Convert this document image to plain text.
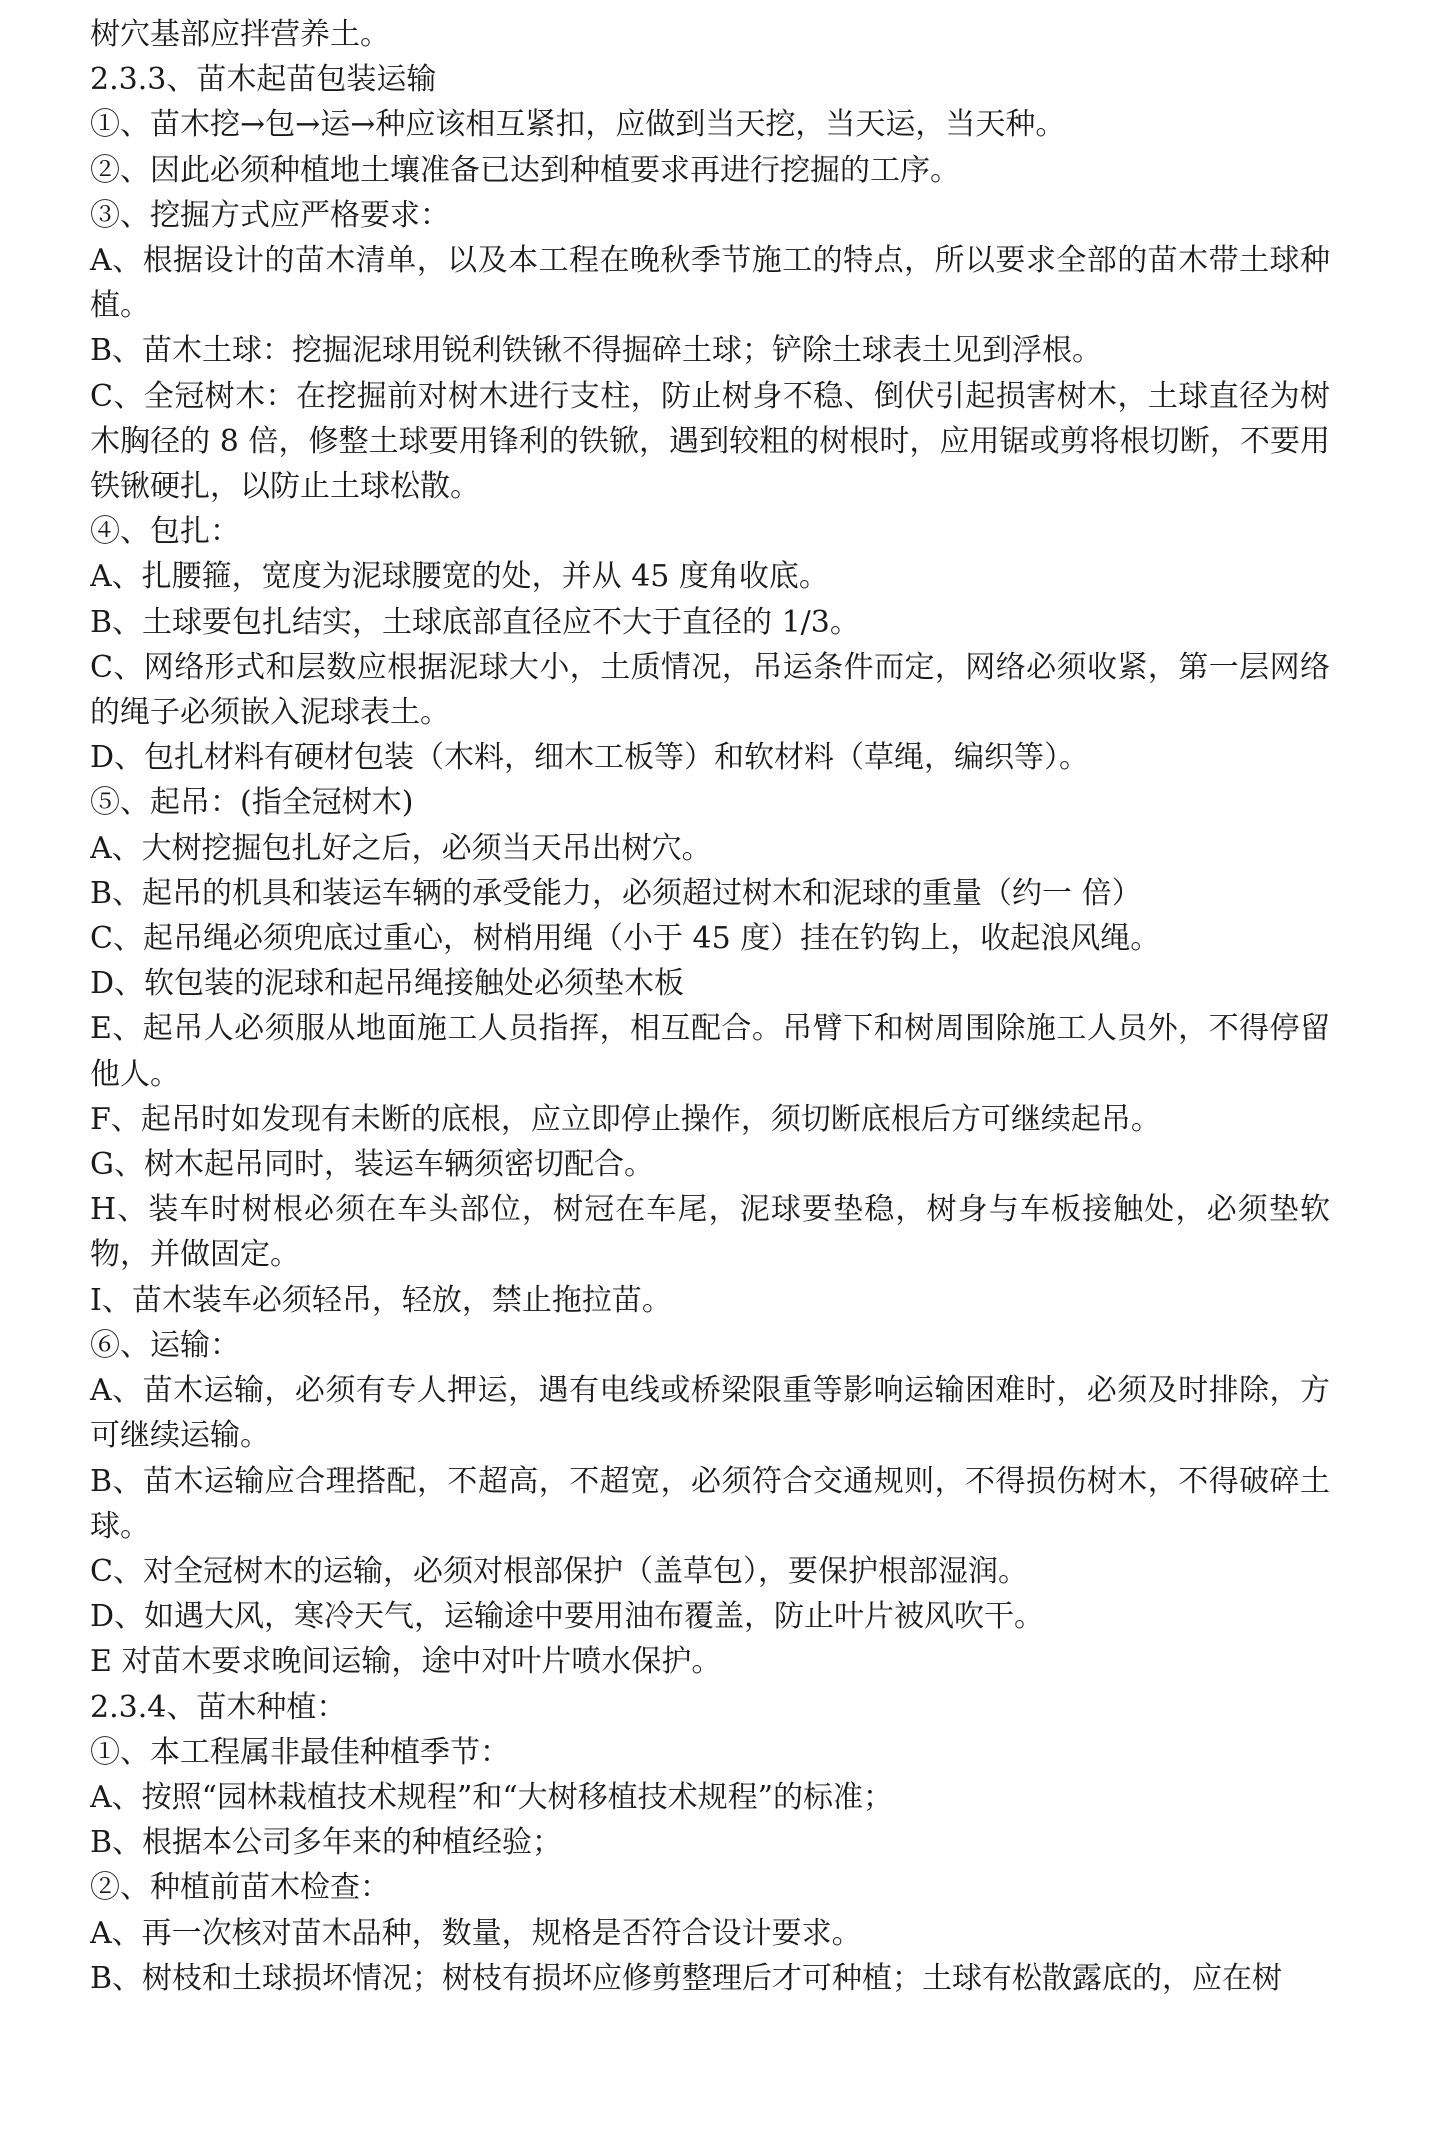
树穴基部应拌营养土。

2.3.3、苗木起苗包装运输

①、苗木挖→包→运→种应该相互紧扣，应做到当天挖，当天运，当天种。

②、因此必须种植地土壤准备已达到种植要求再进行挖掘的工序。

③、挖掘方式应严格要求：

A、根据设计的苗木清单，以及本工程在晚秋季节施工的特点，所以要求全部的苗木带土球种植。

B、苗木土球：挖掘泥球用锐利铁锹不得掘碎土球；铲除土球表土见到浮根。

C、全冠树木：在挖掘前对树木进行支柱，防止树身不稳、倒伏引起损害树木，土球直径为树木胸径的 8 倍，修整土球要用锋利的铁锨，遇到较粗的树根时，应用锯或剪将根切断，不要用铁锹硬扎，以防止土球松散。

④、包扎：

A、扎腰箍，宽度为泥球腰宽的处，并从 45 度角收底。

B、土球要包扎结实，土球底部直径应不大于直径的 1/3。

C、网络形式和层数应根据泥球大小，土质情况，吊运条件而定，网络必须收紧，第一层网络的绳子必须嵌入泥球表土。

D、包扎材料有硬材包装（木料，细木工板等）和软材料（草绳，编织等）。

⑤、起吊：(指全冠树木)

A、大树挖掘包扎好之后，必须当天吊出树穴。

B、起吊的机具和装运车辆的承受能力，必须超过树木和泥球的重量（约一 倍）

C、起吊绳必须兜底过重心，树梢用绳（小于 45 度）挂在钓钩上，收起浪风绳。

D、软包装的泥球和起吊绳接触处必须垫木板

E、起吊人必须服从地面施工人员指挥，相互配合。吊臂下和树周围除施工人员外，不得停留他人。

F、起吊时如发现有未断的底根，应立即停止操作，须切断底根后方可继续起吊。

G、树木起吊同时，装运车辆须密切配合。

H、装车时树根必须在车头部位，树冠在车尾，泥球要垫稳，树身与车板接触处，必须垫软物，并做固定。

I、苗木装车必须轻吊，轻放，禁止拖拉苗。

⑥、运输：

A、苗木运输，必须有专人押运，遇有电线或桥梁限重等影响运输困难时，必须及时排除，方可继续运输。

B、苗木运输应合理搭配，不超高，不超宽，必须符合交通规则，不得损伤树木，不得破碎土球。

C、对全冠树木的运输，必须对根部保护（盖草包），要保护根部湿润。

D、如遇大风，寒冷天气，运输途中要用油布覆盖，防止叶片被风吹干。

E 对苗木要求晚间运输，途中对叶片喷水保护。

2.3.4、苗木种植：

①、本工程属非最佳种植季节：

A、按照“园林栽植技术规程”和“大树移植技术规程”的标准；

B、根据本公司多年来的种植经验；

②、种植前苗木检查：

A、再一次核对苗木品种，数量，规格是否符合设计要求。

B、树枝和土球损坏情况；树枝有损坏应修剪整理后才可种植；土球有松散露底的，应在树
